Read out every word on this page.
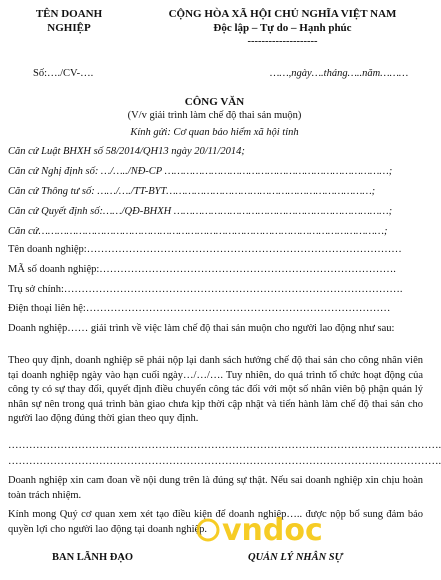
TÊN DOANH
NGHIỆP
CỘNG HÒA XÃ HỘI CHỦ NGHĨA VIỆT NAM
Độc lập – Tự do – Hạnh phúc
--------------------
Số:…./CV-….	……,ngày….tháng…..năm………
CÔNG VĂN
(V/v giải trình làm chế độ thai sản muộn)
Kính gửi: Cơ quan bảo hiểm xã hội tỉnh
Căn cứ Luật BHXH số 58/2014/QH13 ngày 20/11/2014;
Căn cứ Nghị định số: …/…../NĐ-CP ………………………………………………………………;
Căn cứ Thông tư số: ……/…./TT-BYT…………………………………………………………;
Căn cứ Quyết định số:……/QĐ-BHXH ……………………………………………………………;
Căn cứ…………………………………………………………………………………………………;
Tên doanh nghiệp:………………………………………………………………………………
MÃ số doanh nghiệp:………………………………………………………………………….
Trụ sở chính:…………………………………………………………………………………….
Điện thoại liên hệ:……………………………………………………………………………
Doanh nghiệp…… giải trình về việc làm chế độ thai sản muộn cho người lao động như sau:
Theo quy định, doanh nghiệp sẽ phải nộp lại danh sách hưởng chế độ thai sản cho công nhân viên tại doanh nghiệp ngày vào hạn cuối ngày…/…/…. Tuy nhiên, do quá trình tổ chức hoạt động của công ty có sự thay đổi, quyết định điều chuyển công tác đối với một số nhân viên bộ phận quản lý nhân sự nên trong quá trình bàn giao chưa kịp thời cập nhật và tiến hành làm chế độ thai sản cho người lao động đúng thời gian theo quy định.
…………………………………………………………………………………………………………….
…………………………………………………………………………………………………………….
Doanh nghiệp xin cam đoan về nội dung trên là đúng sự thật. Nếu sai doanh nghiệp xin chịu hoàn toàn trách nhiệm.
Kính mong Quý cơ quan xem xét tạo điều kiện để doanh nghiệp….. được nộp bổ sung đảm bảo quyền lợi cho người lao động tại doanh nghiệp. vndoc
BAN LÃNH ĐẠO	QUẢN LÝ NHÂN SỰ
